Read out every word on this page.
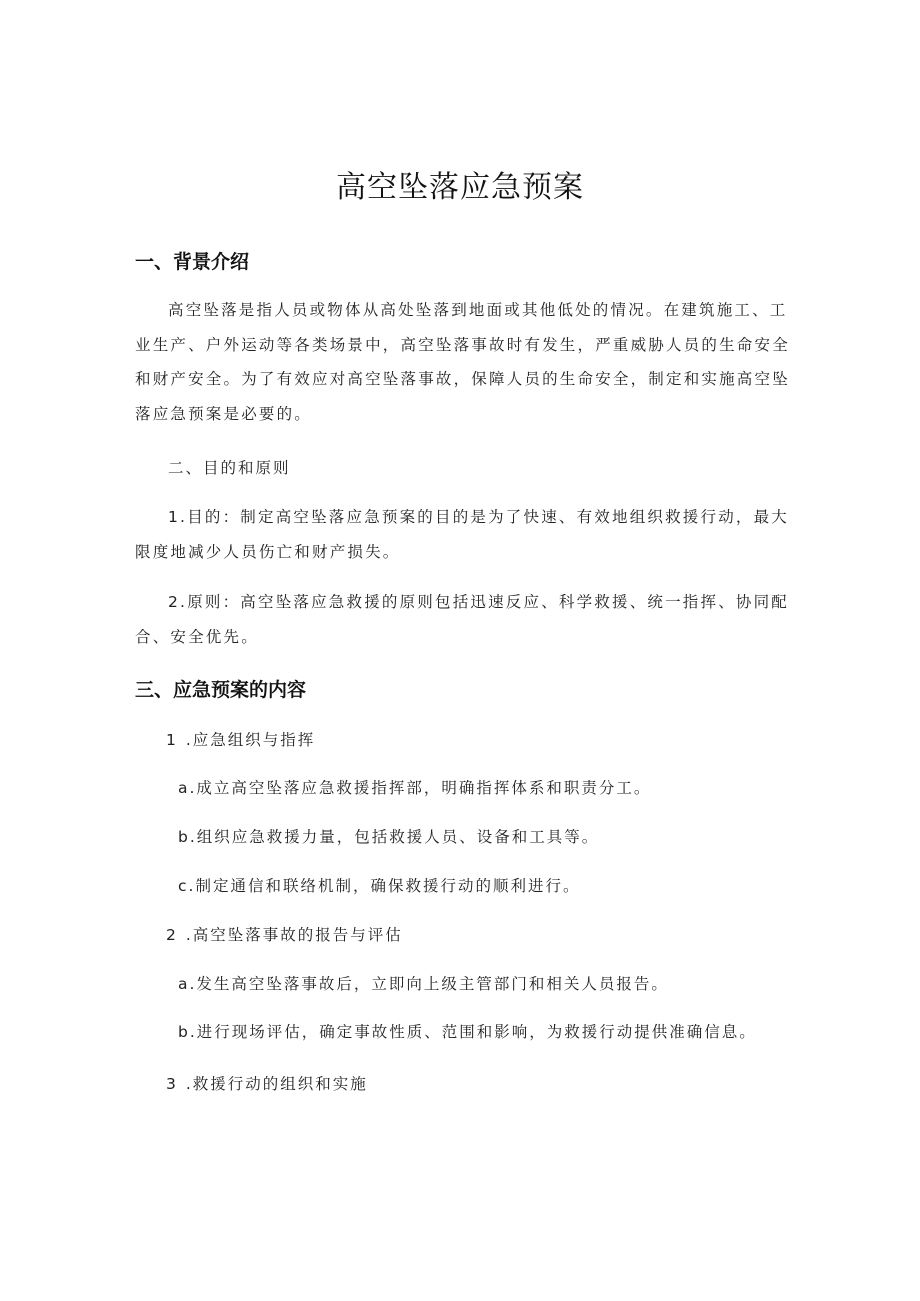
高空坠落应急预案
一、背景介绍

高空坠落是指人员或物体从高处坠落到地面或其他低处的情况。在建筑施工、工业生产、户外运动等各类场景中，高空坠落事故时有发生，严重威胁人员的生命安全和财产安全。为了有效应对高空坠落事故，保障人员的生命安全，制定和实施高空坠落应急预案是必要的。

二、目的和原则

1.目的：制定高空坠落应急预案的目的是为了快速、有效地组织救援行动，最大限度地减少人员伤亡和财产损失。

2.原则：高空坠落应急救援的原则包括迅速反应、科学救援、统一指挥、协同配合、安全优先。

三、应急预案的内容
1 .应急组织与指挥
a.成立高空坠落应急救援指挥部，明确指挥体系和职责分工。
b.组织应急救援力量，包括救援人员、设备和工具等。
c.制定通信和联络机制，确保救援行动的顺利进行。
2 .高空坠落事故的报告与评估
a.发生高空坠落事故后，立即向上级主管部门和相关人员报告。
b.进行现场评估，确定事故性质、范围和影响，为救援行动提供准确信息。
3 .救援行动的组织和实施
